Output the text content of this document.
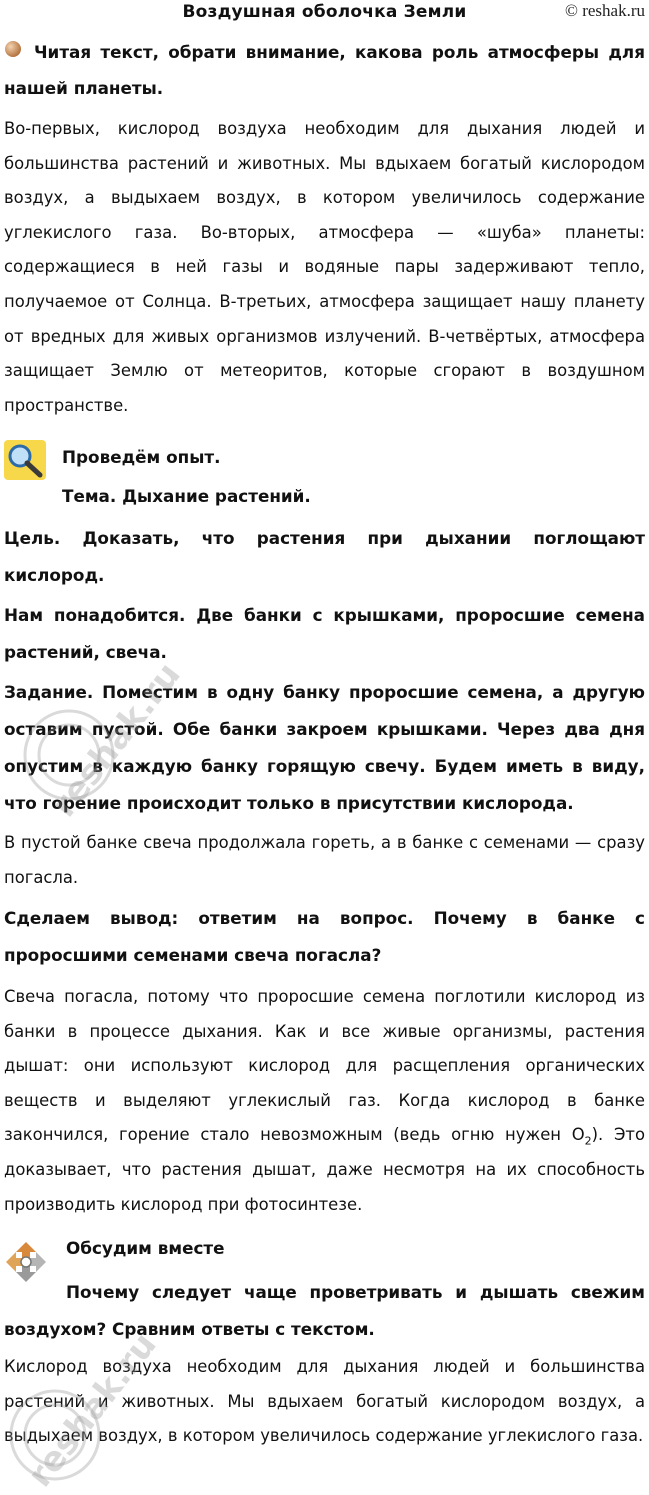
Воздушная оболочка Земли	© reshak.ru
Читая текст, обрати внимание, какова роль атмосферы для нашей планеты.
Во-первых, кислород воздуха необходим для дыхания людей и большинства растений и животных. Мы вдыхаем богатый кислородом воздух, а выдыхаем воздух, в котором увеличилось содержание углекислого газа. Во-вторых, атмосфера — «шуба» планеты: содержащиеся в ней газы и водяные пары задерживают тепло, получаемое от Солнца. В-третьих, атмосфера защищает нашу планету от вредных для живых организмов излучений. В-четвёртых, атмосфера защищает Землю от метеоритов, которые сгорают в воздушном пространстве.
Проведём опыт.
Тема. Дыхание растений.
Цель. Доказать, что растения при дыхании поглощают кислород.
Нам понадобится. Две банки с крышками, проросшие семена растений, свеча.
Задание. Поместим в одну банку проросшие семена, а другую оставим пустой. Обе банки закроем крышками. Через два дня опустим в каждую банку горящую свечу. Будем иметь в виду, что горение происходит только в присутствии кислорода.
В пустой банке свеча продолжала гореть, а в банке с семенами — сразу погасла.
Сделаем вывод: ответим на вопрос. Почему в банке с проросшими семенами свеча погасла?
Свеча погасла, потому что проросшие семена поглотили кислород из банки в процессе дыхания. Как и все живые организмы, растения дышат: они используют кислород для расщепления органических веществ и выделяют углекислый газ. Когда кислород в банке закончился, горение стало невозможным (ведь огню нужен $O_2$). Это доказывает, что растения дышат, даже несмотря на их способность производить кислород при фотосинтезе.
Обсудим вместе
Почему следует чаще проветривать и дышать свежим воздухом? Сравним ответы с текстом.
Кислород воздуха необходим для дыхания людей и большинства растений и животных. Мы вдыхаем богатый кислородом воздух, а выдыхаем воздух, в котором увеличилось содержание углекислого газа.
reshak.ru
reshak.ru
